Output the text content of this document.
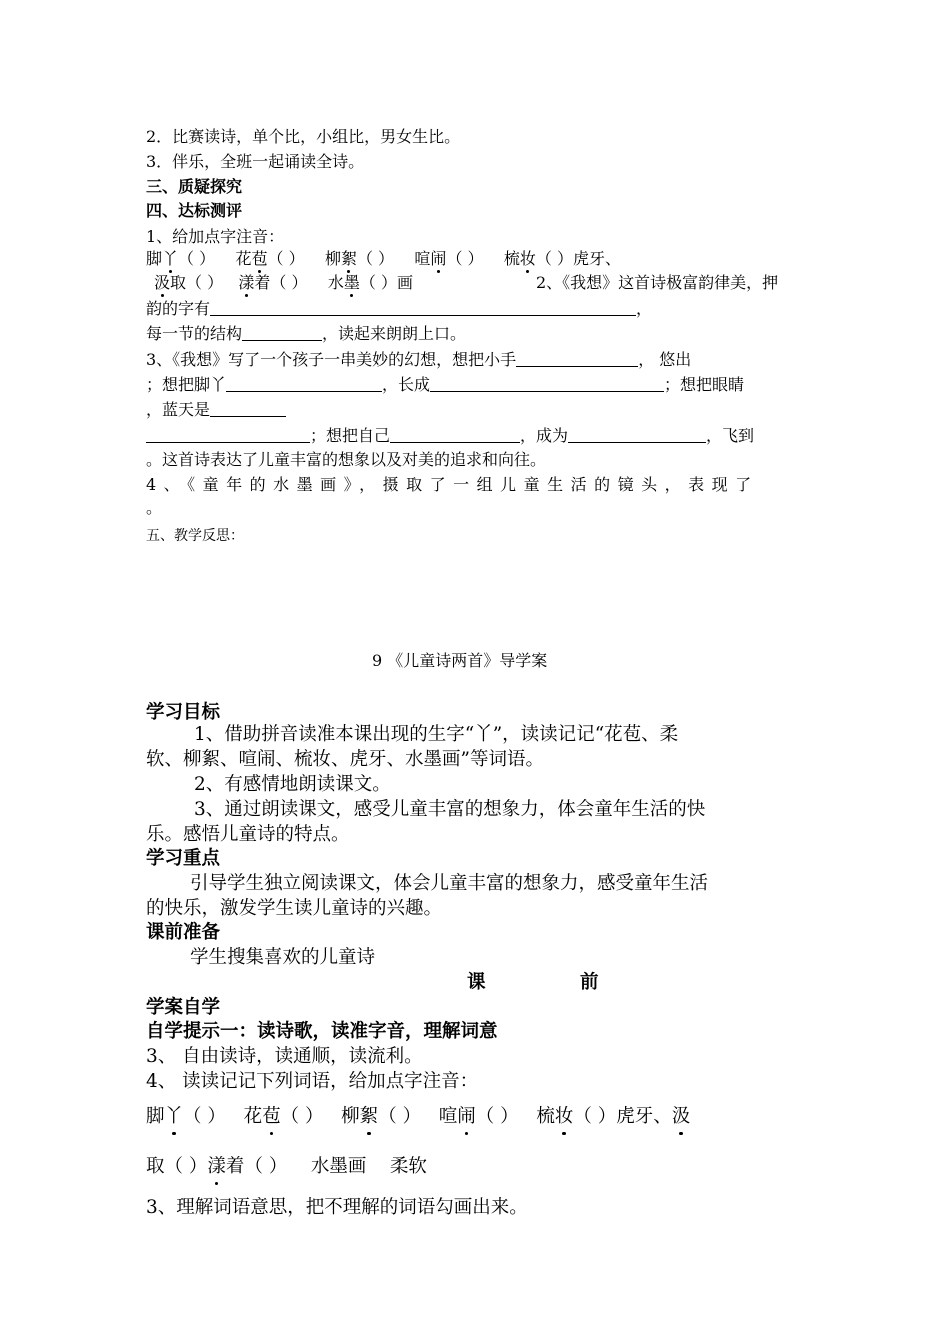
2．比赛读诗，单个比，小组比，男女生比。
3．伴乐，全班一起诵读全诗。
三、质疑探究
四、达标测评
1、给加点字注音：
脚丫（ ） 花苞（ ） 柳絮（ ） 喧闹（ ） 梳妆（ ）虎牙、
汲取（ ） 漾着（ ） 水墨（ ）画	2、《我想》这首诗极富韵律美，押
韵的字有	，
每一节的结构	，读起来朗朗上口。
3、《我想》写了一个孩子一串美妙的幻想，想把小手	， 悠出
；想把脚丫	，长成	；想把眼睛
，蓝天是
；想把自己	，成为	，飞到
。这首诗表达了儿童丰富的想象以及对美的追求和向往。
4、《童年的水墨画》，摄取了一组儿童生活的镜头，表现了
。
五、教学反思：
9 《儿童诗两首》导学案
学习目标
1、借助拼音读准本课出现的生字“丫”，读读记记“花苞、柔
软、柳絮、喧闹、梳妆、虎牙、水墨画”等词语。
2、有感情地朗读课文。
3、通过朗读课文，感受儿童丰富的想象力，体会童年生活的快
乐。感悟儿童诗的特点。
学习重点
引导学生独立阅读课文，体会儿童丰富的想象力，感受童年生活
的快乐，激发学生读儿童诗的兴趣。
课前准备
学生搜集喜欢的儿童诗
课	前
学案自学
自学提示一：读诗歌，读准字音，理解词意
3、 自由读诗，读通顺，读流利。
4、 读读记记下列词语，给加点字注音：
脚丫（ ） 花苞（ ） 柳絮（ ） 喧闹（ ） 梳妆（ ）虎牙、汲
取（ ）漾着（ ） 水墨画 柔软
3、理解词语意思，把不理解的词语勾画出来。
